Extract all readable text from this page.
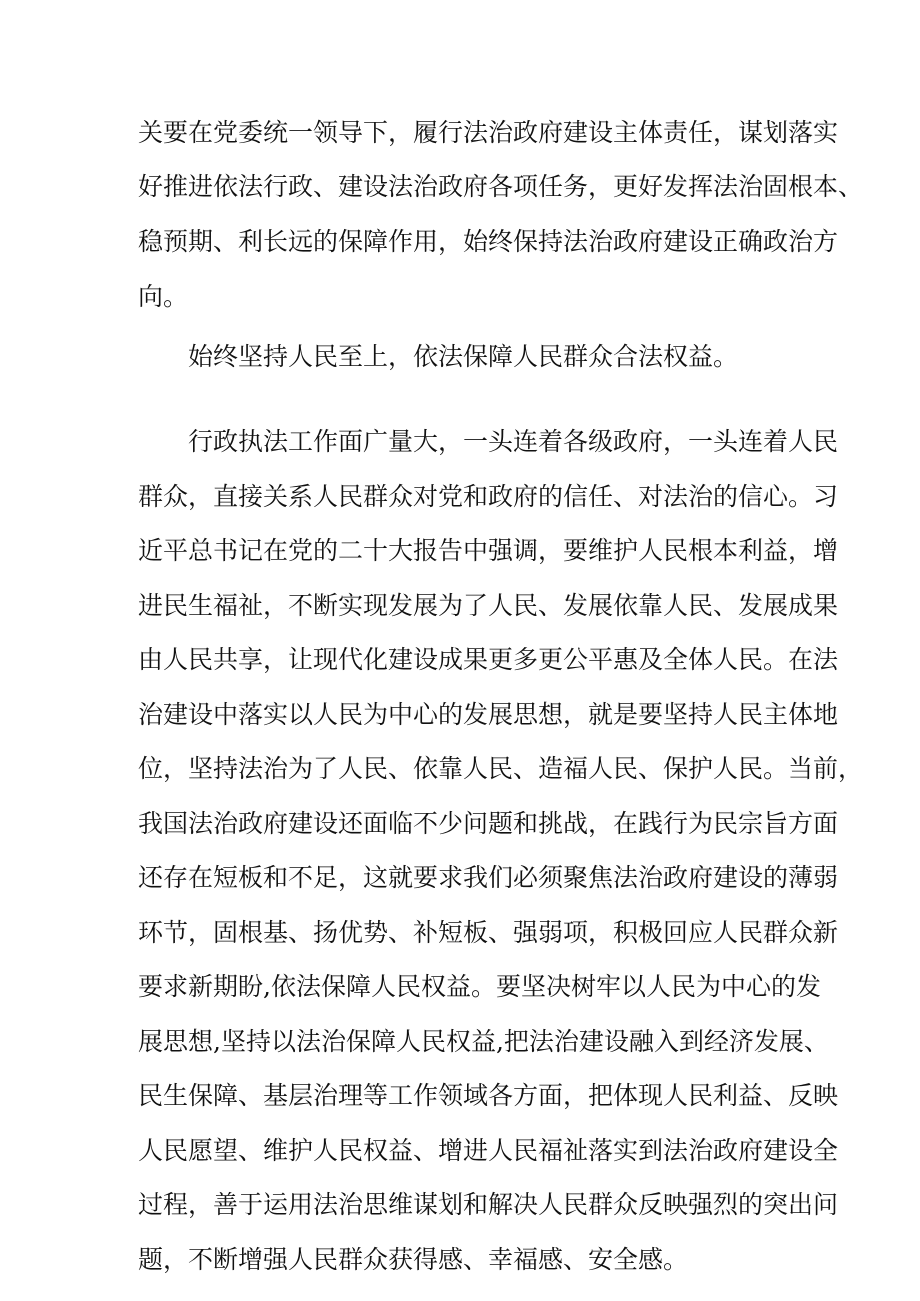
关要在党委统一领导下，履行法治政府建设主体责任，谋划落实
好推进依法行政、建设法治政府各项任务，更好发挥法治固根本、
稳预期、利长远的保障作用，始终保持法治政府建设正确政治方
向。
始终坚持人民至上，依法保障人民群众合法权益。
行政执法工作面广量大，一头连着各级政府，一头连着人民
群众，直接关系人民群众对党和政府的信任、对法治的信心。习
近平总书记在党的二十大报告中强调，要维护人民根本利益，增
进民生福祉，不断实现发展为了人民、发展依靠人民、发展成果
由人民共享，让现代化建设成果更多更公平惠及全体人民。在法
治建设中落实以人民为中心的发展思想，就是要坚持人民主体地
位，坚持法治为了人民、依靠人民、造福人民、保护人民。当前，
我国法治政府建设还面临不少问题和挑战，在践行为民宗旨方面
还存在短板和不足，这就要求我们必须聚焦法治政府建设的薄弱
环节，固根基、扬优势、补短板、强弱项，积极回应人民群众新
要求新期盼,依法保障人民权益。要坚决树牢以人民为中心的发
展思想,坚持以法治保障人民权益,把法治建设融入到经济发展、
民生保障、基层治理等工作领域各方面，把体现人民利益、反映
人民愿望、维护人民权益、增进人民福祉落实到法治政府建设全
过程，善于运用法治思维谋划和解决人民群众反映强烈的突出问
题，不断增强人民群众获得感、幸福感、安全感。
